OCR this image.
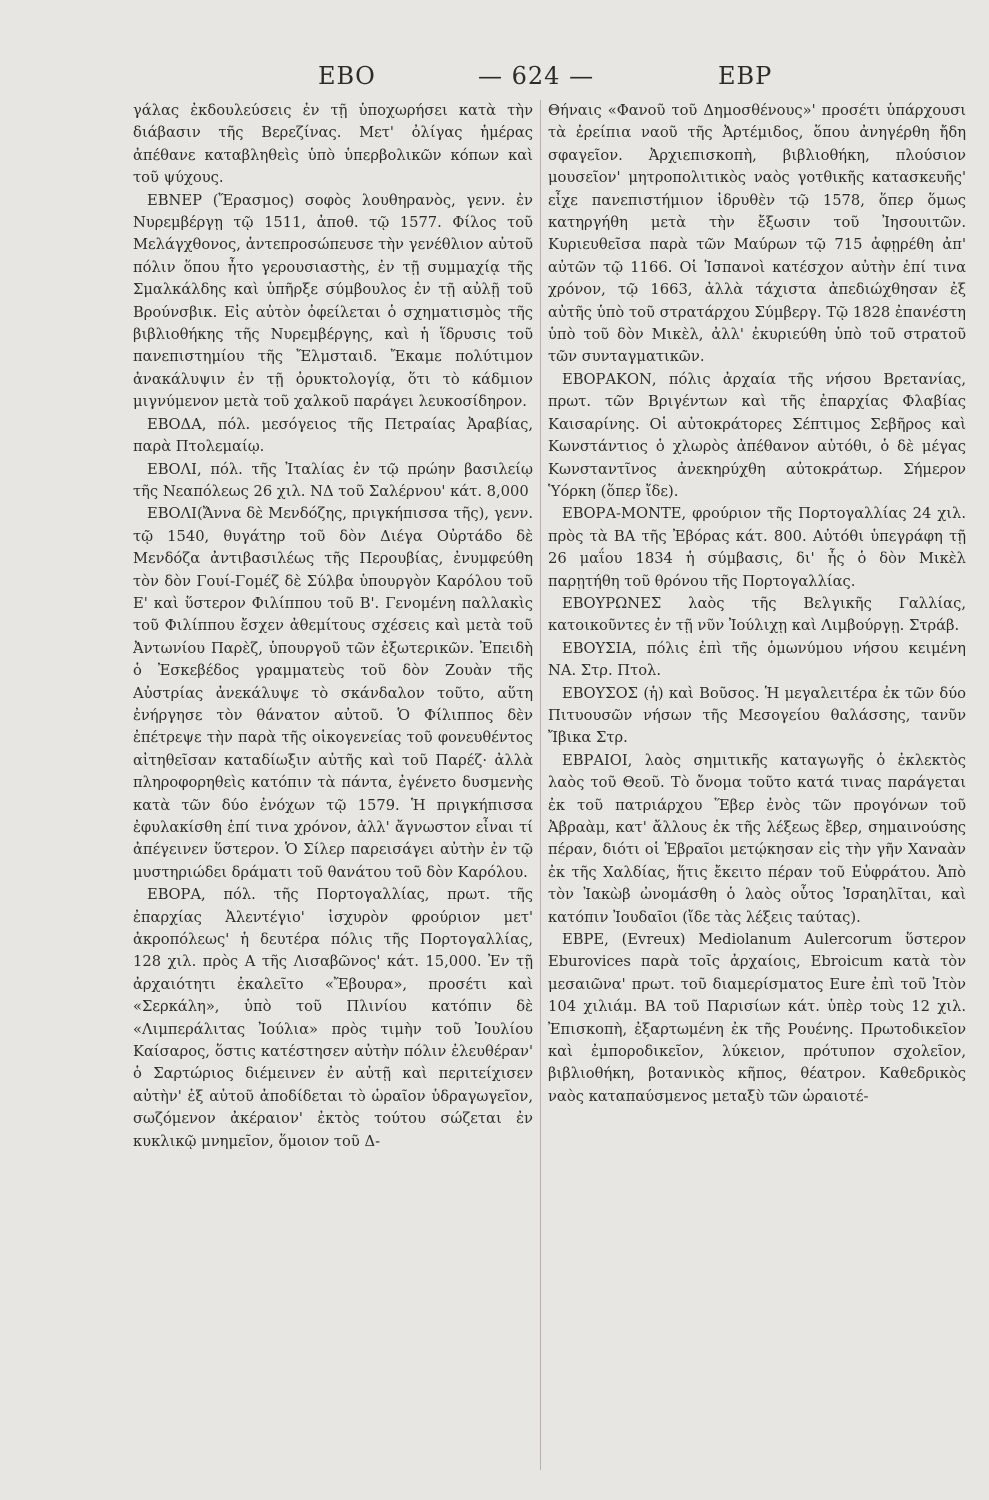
ΕΒΟ	— 624 —	ΕΒΡ

γάλας ἐκδουλεύσεις ἐν τῇ ὑποχωρήσει κατὰ τὴν διάβασιν τῆς Βερεζίνας. Μετ' ὀλίγας ἡμέρας ἀπέθανε καταβληθεὶς ὑπὸ ὑπερβολικῶν κόπων καὶ τοῦ ψύχους.

ΕΒΝΕΡ (Ἔρασμος) σοφὸς λουθηρανὸς, γενν. ἐν Νυρεμβέργῃ τῷ 1511, ἀποθ. τῷ 1577. Φίλος τοῦ Μελάγχθονος, ἀντεπροσώπευσε τὴν γενέθλιον αὐτοῦ πόλιν ὅπου ἦτο γερουσιαστὴς, ἐν τῇ συμμαχίᾳ τῆς Σμαλκάλδης καὶ ὑπῆρξε σύμβουλος ἐν τῇ αὐλῇ τοῦ Βρούνσβικ. Εἰς αὐτὸν ὀφείλεται ὁ σχηματισμὸς τῆς βιβλιοθήκης τῆς Νυρεμβέργης, καὶ ἡ ἵδρυσις τοῦ πανεπιστημίου τῆς Ἔλμσταιδ. Ἔκαμε πολύτιμον ἀνακάλυψιν ἐν τῇ ὀρυκτολογίᾳ, ὅτι τὸ κάδμιον μιγνύμενον μετὰ τοῦ χαλκοῦ παράγει λευκοσίδηρον.

ΕΒΟΔΑ, πόλ. μεσόγειος τῆς Πετραίας Ἀραβίας, παρὰ Πτολεμαίῳ.

ΕΒΟΛΙ, πόλ. τῆς Ἰταλίας ἐν τῷ πρώην βασιλείῳ τῆς Νεαπόλεως 26 χιλ. ΝΔ τοῦ Σαλέρνου' κάτ. 8,000

ΕΒΟΛΙ(Ἄννα δὲ Μενδόζης, πριγκήπισσα τῆς), γενν. τῷ 1540, θυγάτηρ τοῦ δὸν Διέγα Οὐρτάδο δὲ Μενδόζα ἀντιβασιλέως τῆς Περουβίας, ἐνυμφεύθη τὸν δὸν Γουί-Γομέζ δὲ Σύλβα ὑπουργὸν Καρόλου τοῦ Ε' καὶ ὕστερον Φιλίππου τοῦ Β'. Γενομένη παλλακὶς τοῦ Φιλίππου ἔσχεν ἀθεμίτους σχέσεις καὶ μετὰ τοῦ Ἀντωνίου Παρὲζ, ὑπουργοῦ τῶν ἐξωτερικῶν. Ἐπειδὴ ὁ Ἐσκεβέδος γραμματεὺς τοῦ δὸν Ζουὰν τῆς Αὐστρίας ἀνεκάλυψε τὸ σκάνδαλον τοῦτο, αὕτη ἐνήργησε τὸν θάνατον αὐτοῦ. Ὁ Φίλιππος δὲν ἐπέτρεψε τὴν παρὰ τῆς οἰκογενείας τοῦ φονευθέντος αἰτηθεῖσαν καταδίωξιν αὐτῆς καὶ τοῦ Παρέζ· ἀλλὰ πληροφορηθεὶς κατόπιν τὰ πάντα, ἐγένετο δυσμενὴς κατὰ τῶν δύο ἐνόχων τῷ 1579. Ἡ πριγκήπισσα ἐφυλακίσθη ἐπί τινα χρόνον, ἀλλ' ἄγνωστον εἶναι τί ἀπέγεινεν ὕστερον. Ὁ Σίλερ παρεισάγει αὐτὴν ἐν τῷ μυστηριώδει δράματι τοῦ θανάτου τοῦ δὸν Καρόλου.

ΕΒΟΡΑ, πόλ. τῆς Πορτογαλλίας, πρωτ. τῆς ἐπαρχίας Ἀλεντέγιο' ἰσχυρὸν φρούριον μετ' ἀκροπόλεως' ἡ δευτέρα πόλις τῆς Πορτογαλλίας, 128 χιλ. πρὸς Α τῆς Λισαβῶνος' κάτ. 15,000. Ἐν τῇ ἀρχαιότητι ἐκαλεῖτο «Ἔβουρα», προσέτι καὶ «Σερκάλη», ὑπὸ τοῦ Πλινίου κατόπιν δὲ «Λιμπεράλιτας Ἰούλια» πρὸς τιμὴν τοῦ Ἰουλίου Καίσαρος, ὅστις κατέστησεν αὐτὴν πόλιν ἐλευθέραν' ὁ Σαρτώριος διέμεινεν ἐν αὐτῇ καὶ περιτείχισεν αὐτὴν' ἐξ αὐτοῦ ἀποδίδεται τὸ ὡραῖον ὑδραγωγεῖον, σωζόμενον ἀκέραιον' ἐκτὸς τούτου σώζεται ἐν κυκλικῷ μνημεῖον, ὅμοιον τοῦ Δ-

Θήναις «Φανοῦ τοῦ Δημοσθένους»' προσέτι ὑπάρχουσι τὰ ἐρείπια ναοῦ τῆς Ἀρτέμιδος, ὅπου ἀνηγέρθη ἤδη σφαγεῖον. Ἀρχιεπισκοπὴ, βιβλιοθήκη, πλούσιον μουσεῖον' μητροπολιτικὸς ναὸς γοτθικῆς κατασκευῆς' εἶχε πανεπιστήμιον ἱδρυθὲν τῷ 1578, ὅπερ ὅμως κατηργήθη μετὰ τὴν ἔξωσιν τοῦ Ἰησουιτῶν. Κυριευθεῖσα παρὰ τῶν Μαύρων τῷ 715 ἀφῃρέθη ἀπ' αὐτῶν τῷ 1166. Οἱ Ἱσπανοὶ κατέσχον αὐτὴν ἐπί τινα χρόνον, τῷ 1663, ἀλλὰ τάχιστα ἀπεδιώχθησαν ἐξ αὐτῆς ὑπὸ τοῦ στρατάρχου Σύμβεργ. Τῷ 1828 ἐπανέστη ὑπὸ τοῦ δὸν Μικὲλ, ἀλλ' ἐκυριεύθη ὑπὸ τοῦ στρατοῦ τῶν συνταγματικῶν.

ΕΒΟΡΑΚΟΝ, πόλις ἀρχαία τῆς νήσου Βρετανίας, πρωτ. τῶν Βριγέντων καὶ τῆς ἐπαρχίας Φλαβίας Καισαρίνης. Οἱ αὐτοκράτορες Σέπτιμος Σεβῆρος καὶ Κωνστάντιος ὁ χλωρὸς ἀπέθανον αὐτόθι, ὁ δὲ μέγας Κωνσταντῖνος ἀνεκηρύχθη αὐτοκράτωρ. Σήμερον Ὑόρκη (ὅπερ ἴδε).

ΕΒΟΡΑ-ΜΟΝΤΕ, φρούριον τῆς Πορτογαλλίας 24 χιλ. πρὸς τὰ ΒΑ τῆς Ἐβόρας κάτ. 800. Αὐτόθι ὑπεγράφη τῇ 26 μαΐου 1834 ἡ σύμβασις, δι' ἧς ὁ δὸν Μικὲλ παρῃτήθη τοῦ θρόνου τῆς Πορτογαλλίας.

ΕΒΟΥΡΩΝΕΣ λαὸς τῆς Βελγικῆς Γαλλίας, κατοικοῦντες ἐν τῇ νῦν Ἰούλιχῃ καὶ Λιμβούργῃ. Στράβ.

ΕΒΟΥΣΙΑ, πόλις ἐπὶ τῆς ὁμωνύμου νήσου κειμένη ΝΑ. Στρ. Πτολ.

ΕΒΟΥΣΟΣ (ἡ) καὶ Βοῦσος. Ἡ μεγαλειτέρα ἐκ τῶν δύο Πιτυουσῶν νήσων τῆς Μεσογείου θαλάσσης, τανῦν Ἴβικα Στρ.

ΕΒΡΑΙΟΙ, λαὸς σημιτικῆς καταγωγῆς ὁ ἐκλεκτὸς λαὸς τοῦ Θεοῦ. Τὸ ὄνομα τοῦτο κατά τινας παράγεται ἐκ τοῦ πατριάρχου Ἕβερ ἐνὸς τῶν προγόνων τοῦ Ἀβραὰμ, κατ' ἄλλους ἐκ τῆς λέξεως ἔβερ, σημαινούσης πέραν, διότι οἱ Ἑβραῖοι μετῴκησαν εἰς τὴν γῆν Χαναὰν ἐκ τῆς Χαλδίας, ἥτις ἔκειτο πέραν τοῦ Εὐφράτου. Ἀπὸ τὸν Ἰακὼβ ὠνομάσθη ὁ λαὸς οὗτος Ἰσραηλῖται, καὶ κατόπιν Ἰουδαῖοι (ἴδε τὰς λέξεις ταύτας).

ΕΒΡΕ, (Evreux) Mediolanum Aulercorum ὕστερον Eburovices παρὰ τοῖς ἀρχαίοις, Ebroicum κατὰ τὸν μεσαιῶνα' πρωτ. τοῦ διαμερίσματος Eure ἐπὶ τοῦ Ἰτὸν 104 χιλιάμ. ΒΑ τοῦ Παρισίων κάτ. ὑπὲρ τοὺς 12 χιλ. Ἐπισκοπὴ, ἐξαρτωμένη ἐκ τῆς Ρουένης. Πρωτοδικεῖον καὶ ἐμποροδικεῖον, λύκειον, πρότυπον σχολεῖον, βιβλιοθήκη, βοτανικὸς κῆπος, θέατρον. Καθεδρικὸς ναὸς καταπαύσμενος μεταξὺ τῶν ὡραιοτέ-
